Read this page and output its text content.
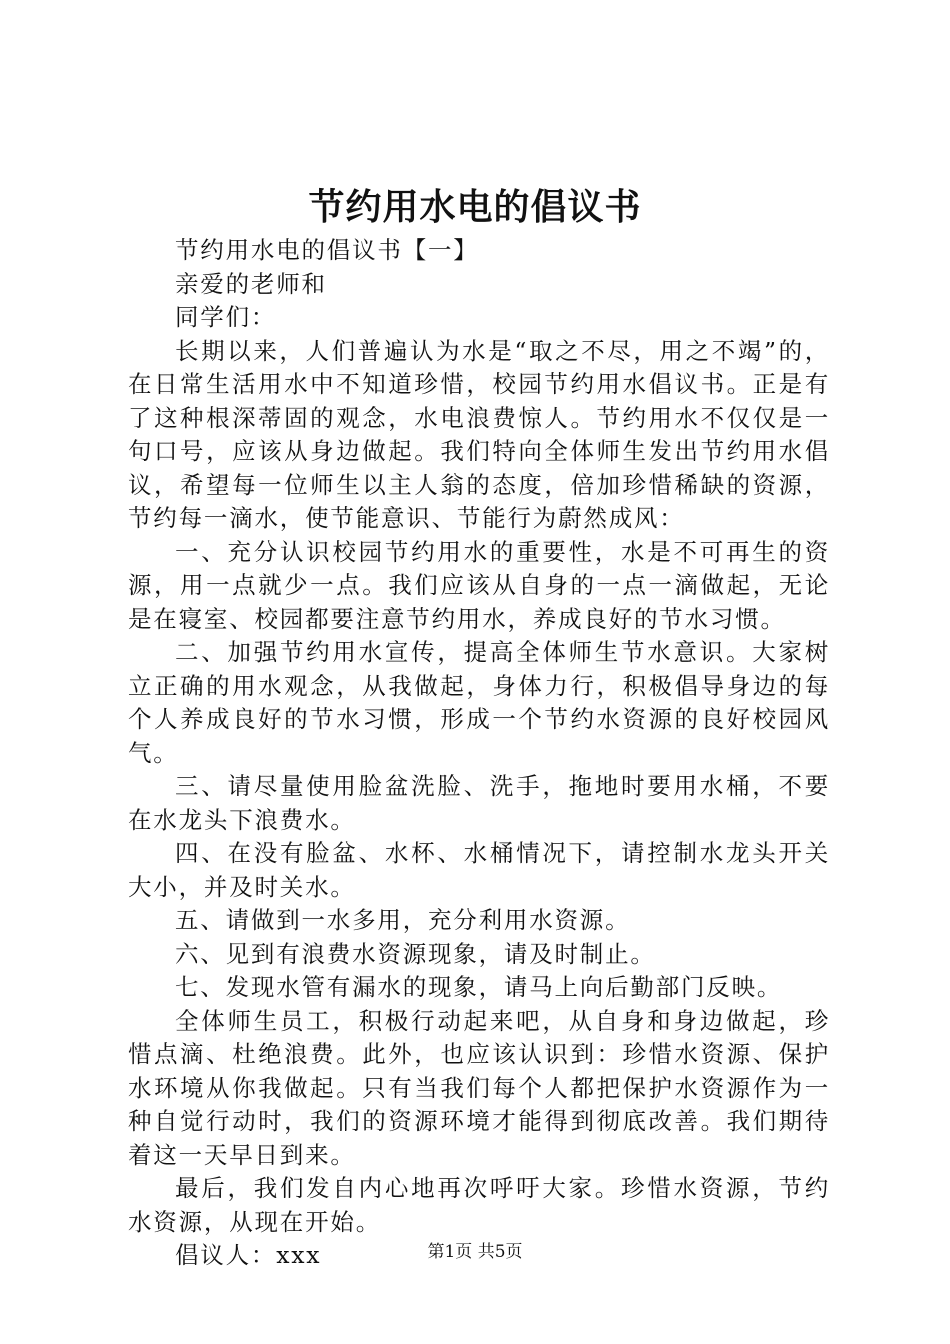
节约用水电的倡议书

节约用水电的倡议书【一】

亲爱的老师和

同学们：

长期以来，人们普遍认为水是“取之不尽，用之不竭”的，在日常生活用水中不知道珍惜，校园节约用水倡议书。正是有了这种根深蒂固的观念，水电浪费惊人。节约用水不仅仅是一句口号，应该从身边做起。我们特向全体师生发出节约用水倡议，希望每一位师生以主人翁的态度，倍加珍惜稀缺的资源，节约每一滴水，使节能意识、节能行为蔚然成风：

一、充分认识校园节约用水的重要性，水是不可再生的资源，用一点就少一点。我们应该从自身的一点一滴做起，无论是在寝室、校园都要注意节约用水，养成良好的节水习惯。

二、加强节约用水宣传，提高全体师生节水意识。大家树立正确的用水观念，从我做起，身体力行，积极倡导身边的每个人养成良好的节水习惯，形成一个节约水资源的良好校园风气。

三、请尽量使用脸盆洗脸、洗手，拖地时要用水桶，不要在水龙头下浪费水。

四、在没有脸盆、水杯、水桶情况下，请控制水龙头开关大小，并及时关水。

五、请做到一水多用，充分利用水资源。

六、见到有浪费水资源现象，请及时制止。

七、发现水管有漏水的现象，请马上向后勤部门反映。

全体师生员工，积极行动起来吧，从自身和身边做起，珍惜点滴、杜绝浪费。此外，也应该认识到：珍惜水资源、保护水环境从你我做起。只有当我们每个人都把保护水资源作为一种自觉行动时，我们的资源环境才能得到彻底改善。我们期待着这一天早日到来。

最后，我们发自内心地再次呼吁大家。珍惜水资源，节约水资源，从现在开始。

倡议人：xxx	第1页 共5页
